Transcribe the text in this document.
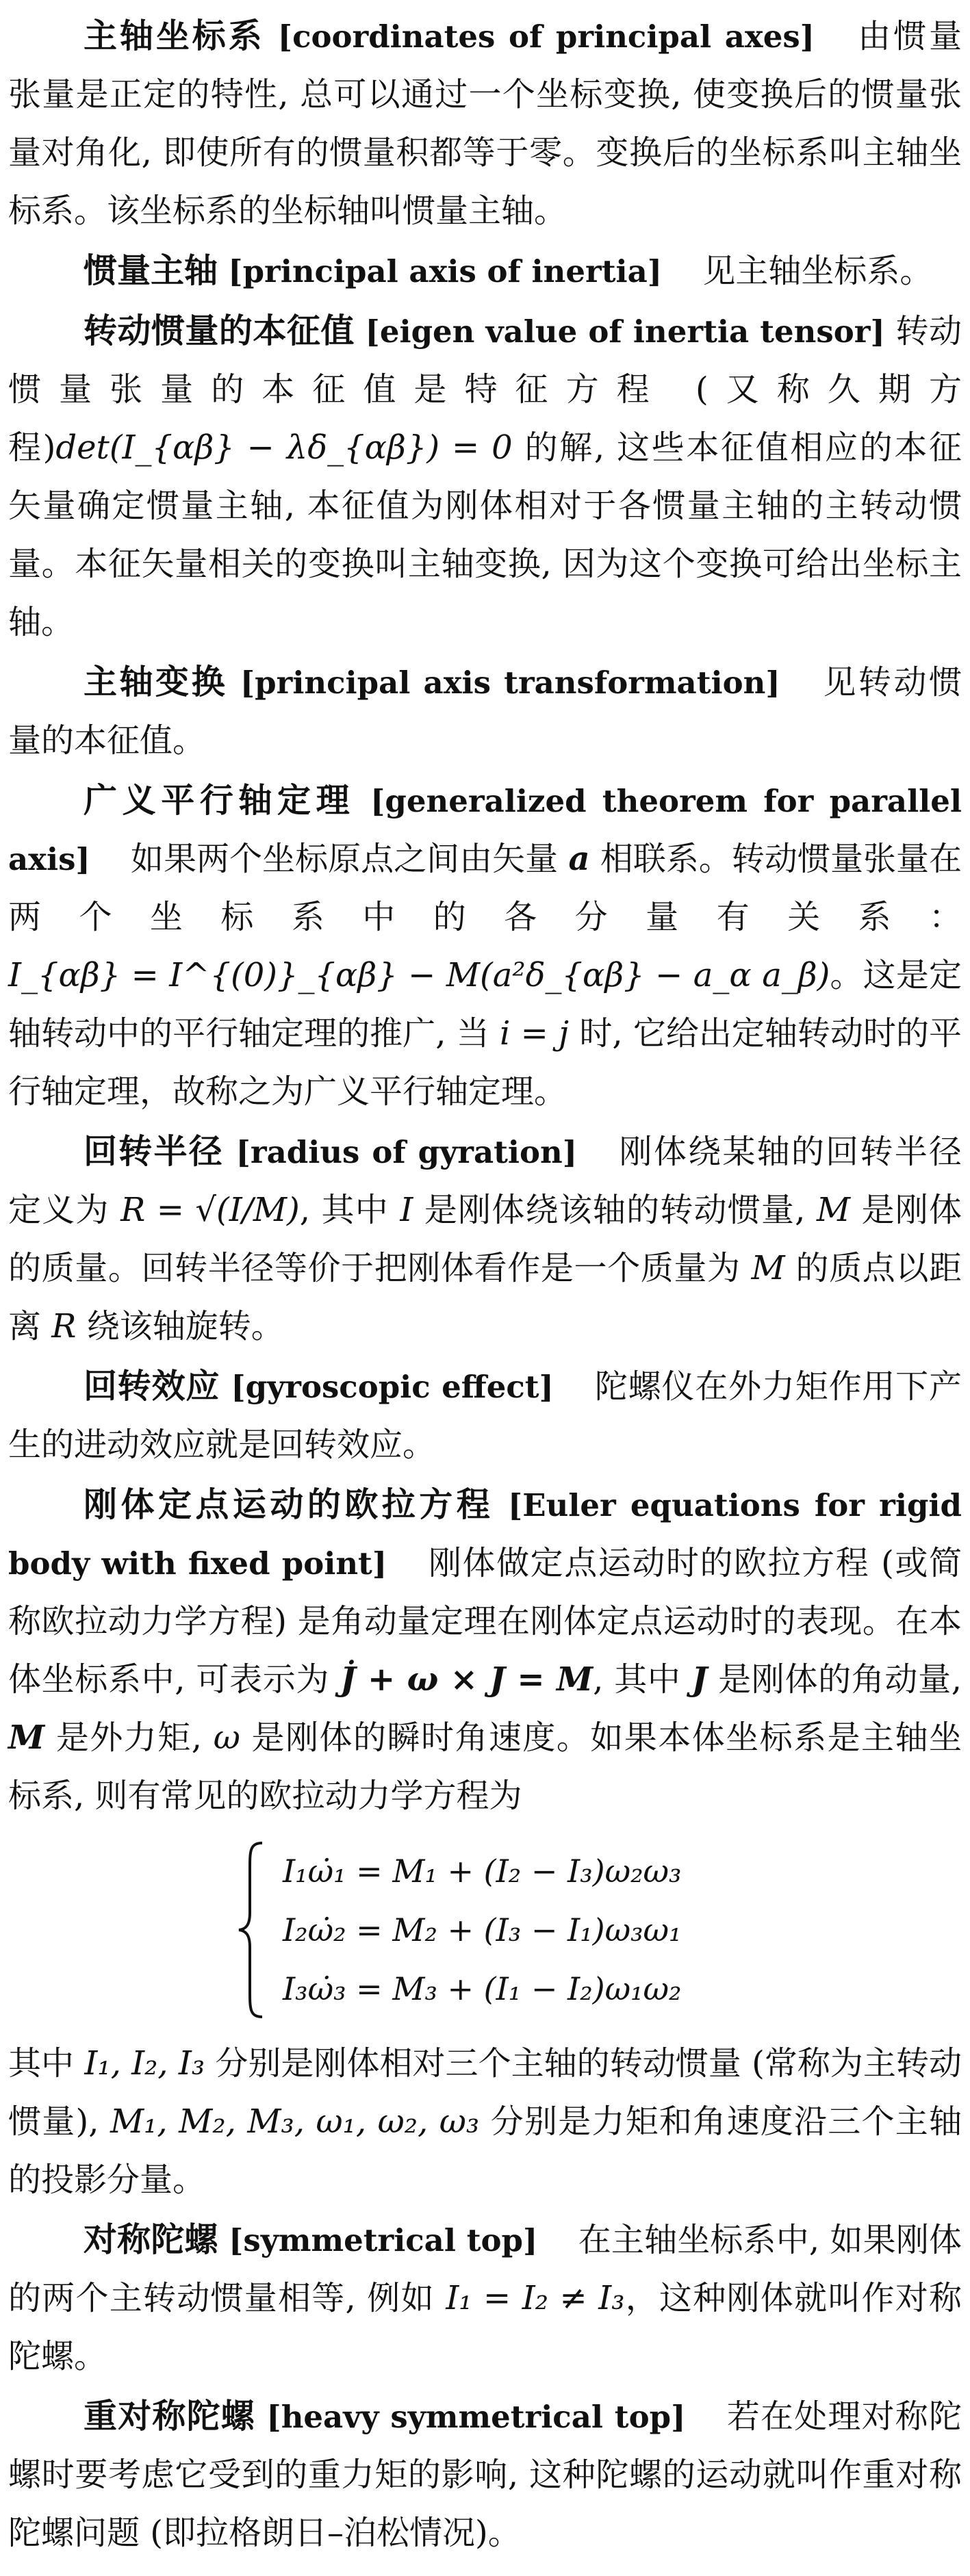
主轴坐标系 [coordinates of principal axes] 由惯量张量是正定的特性, 总可以通过一个坐标变换, 使变换后的惯量张量对角化, 即使所有的惯量积都等于零。变换后的坐标系叫主轴坐标系。该坐标系的坐标轴叫惯量主轴。

惯量主轴 [principal axis of inertia] 见主轴坐标系。

转动惯量的本征值 [eigen value of inertia tensor] 转动惯量张量的本征值是特征方程 (又称久期方程)det(I_{αβ} − λδ_{αβ}) = 0 的解, 这些本征值相应的本征矢量确定惯量主轴, 本征值为刚体相对于各惯量主轴的主转动惯量。本征矢量相关的变换叫主轴变换, 因为这个变换可给出坐标主轴。

主轴变换 [principal axis transformation] 见转动惯量的本征值。

广义平行轴定理 [generalized theorem for parallel axis] 如果两个坐标原点之间由矢量 a 相联系。转动惯量张量在两个坐标系中的各分量有关系：I_{αβ} = I^{(0)}_{αβ} − M(a²δ_{αβ} − a_α a_β)。这是定轴转动中的平行轴定理的推广, 当 i = j 时, 它给出定轴转动时的平行轴定理，故称之为广义平行轴定理。

回转半径 [radius of gyration] 刚体绕某轴的回转半径定义为 R = √(I/M), 其中 I 是刚体绕该轴的转动惯量, M 是刚体的质量。回转半径等价于把刚体看作是一个质量为 M 的质点以距离 R 绕该轴旋转。

回转效应 [gyroscopic effect] 陀螺仪在外力矩作用下产生的进动效应就是回转效应。

刚体定点运动的欧拉方程 [Euler equations for rigid body with fixed point] 刚体做定点运动时的欧拉方程 (或简称欧拉动力学方程) 是角动量定理在刚体定点运动时的表现。在本体坐标系中, 可表示为 J̇ + ω × J = M, 其中 J 是刚体的角动量, M 是外力矩, ω 是刚体的瞬时角速度。如果本体坐标系是主轴坐标系, 则有常见的欧拉动力学方程为

I₁ω̇₁ = M₁ + (I₂ − I₃)ω₂ω₃
I₂ω̇₂ = M₂ + (I₃ − I₁)ω₃ω₁
I₃ω̇₃ = M₃ + (I₁ − I₂)ω₁ω₂

其中 I₁, I₂, I₃ 分别是刚体相对三个主轴的转动惯量 (常称为主转动惯量), M₁, M₂, M₃, ω₁, ω₂, ω₃ 分别是力矩和角速度沿三个主轴的投影分量。

对称陀螺 [symmetrical top] 在主轴坐标系中, 如果刚体的两个主转动惯量相等, 例如 I₁ = I₂ ≠ I₃，这种刚体就叫作对称陀螺。

重对称陀螺 [heavy symmetrical top] 若在处理对称陀螺时要考虑它受到的重力矩的影响, 这种陀螺的运动就叫作重对称陀螺问题 (即拉格朗日–泊松情况)。
